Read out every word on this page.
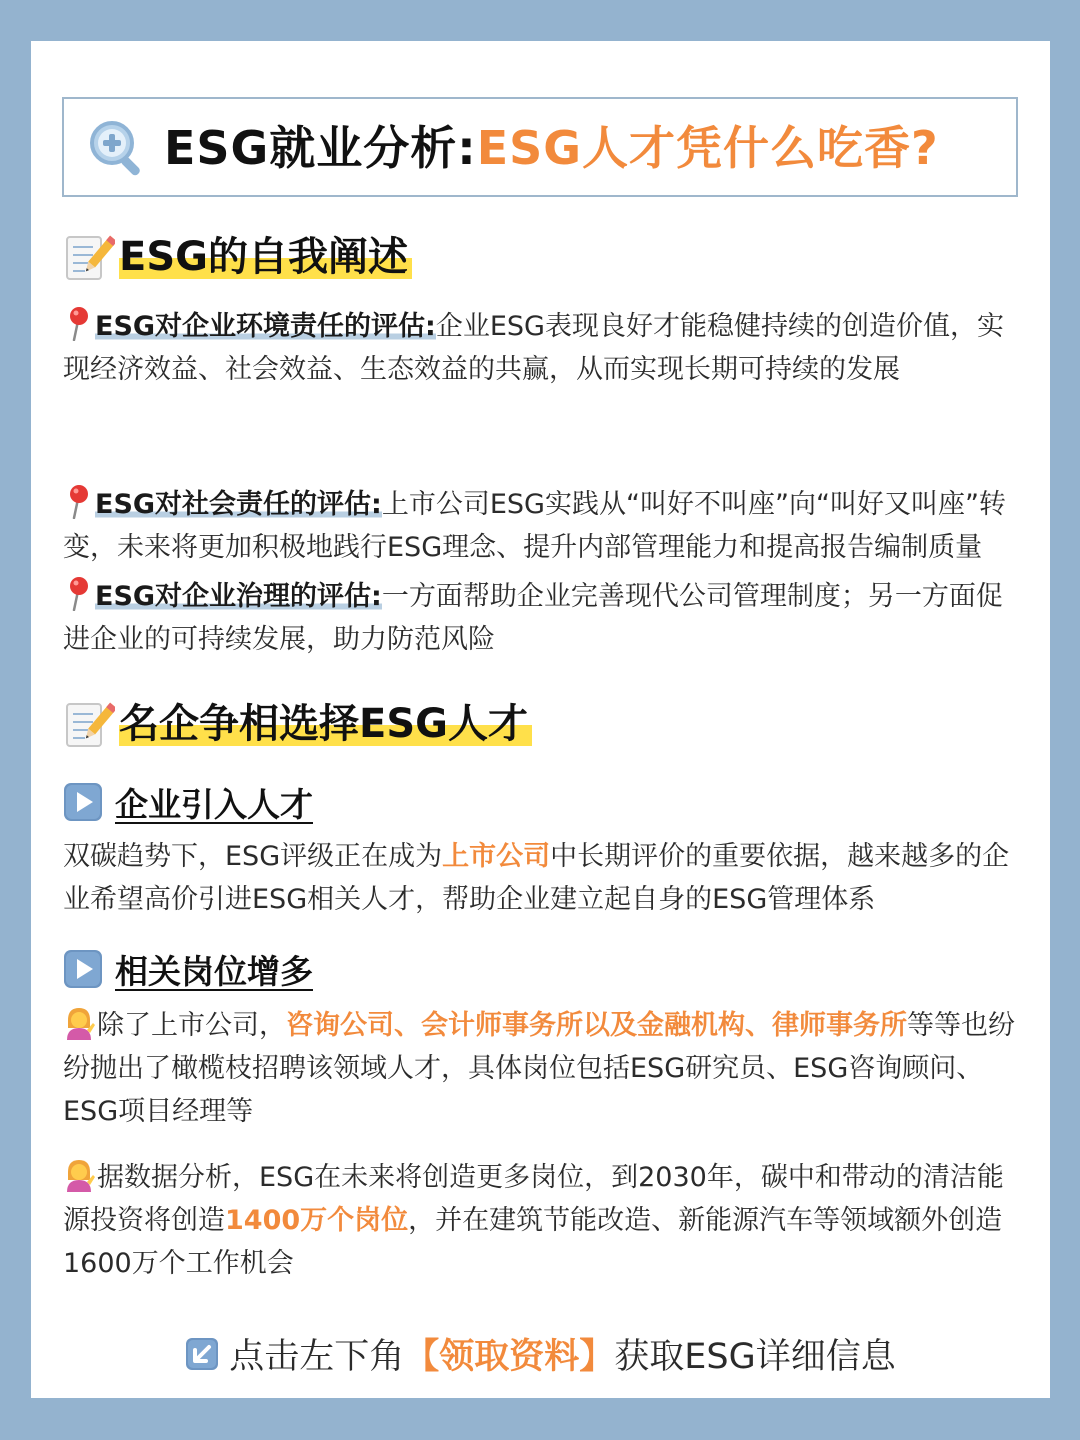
ESG就业分析:ESG人才凭什么吃香?
ESG的自我阐述
ESG对企业环境责任的评估:企业ESG表现良好才能稳健持续的创造价值，实现经济效益、社会效益、生态效益的共赢，从而实现长期可持续的发展
ESG对社会责任的评估:上市公司ESG实践从“叫好不叫座”向“叫好又叫座”转变，未来将更加积极地践行ESG理念、提升内部管理能力和提高报告编制质量
ESG对企业治理的评估:一方面帮助企业完善现代公司管理制度；另一方面促进企业的可持续发展，助力防范风险
名企争相选择ESG人才
企业引入人才
双碳趋势下，ESG评级正在成为上市公司中长期评价的重要依据，越来越多的企业希望高价引进ESG相关人才，帮助企业建立起自身的ESG管理体系
相关岗位增多
除了上市公司，咨询公司、会计师事务所以及金融机构、律师事务所等等也纷纷抛出了橄榄枝招聘该领域人才，具体岗位包括ESG研究员、ESG咨询顾问、ESG项目经理等
据数据分析，ESG在未来将创造更多岗位，到2030年，碳中和带动的清洁能源投资将创造1400万个岗位，并在建筑节能改造、新能源汽车等领域额外创造1600万个工作机会
点击左下角 【领取资料】 获取ESG详细信息
